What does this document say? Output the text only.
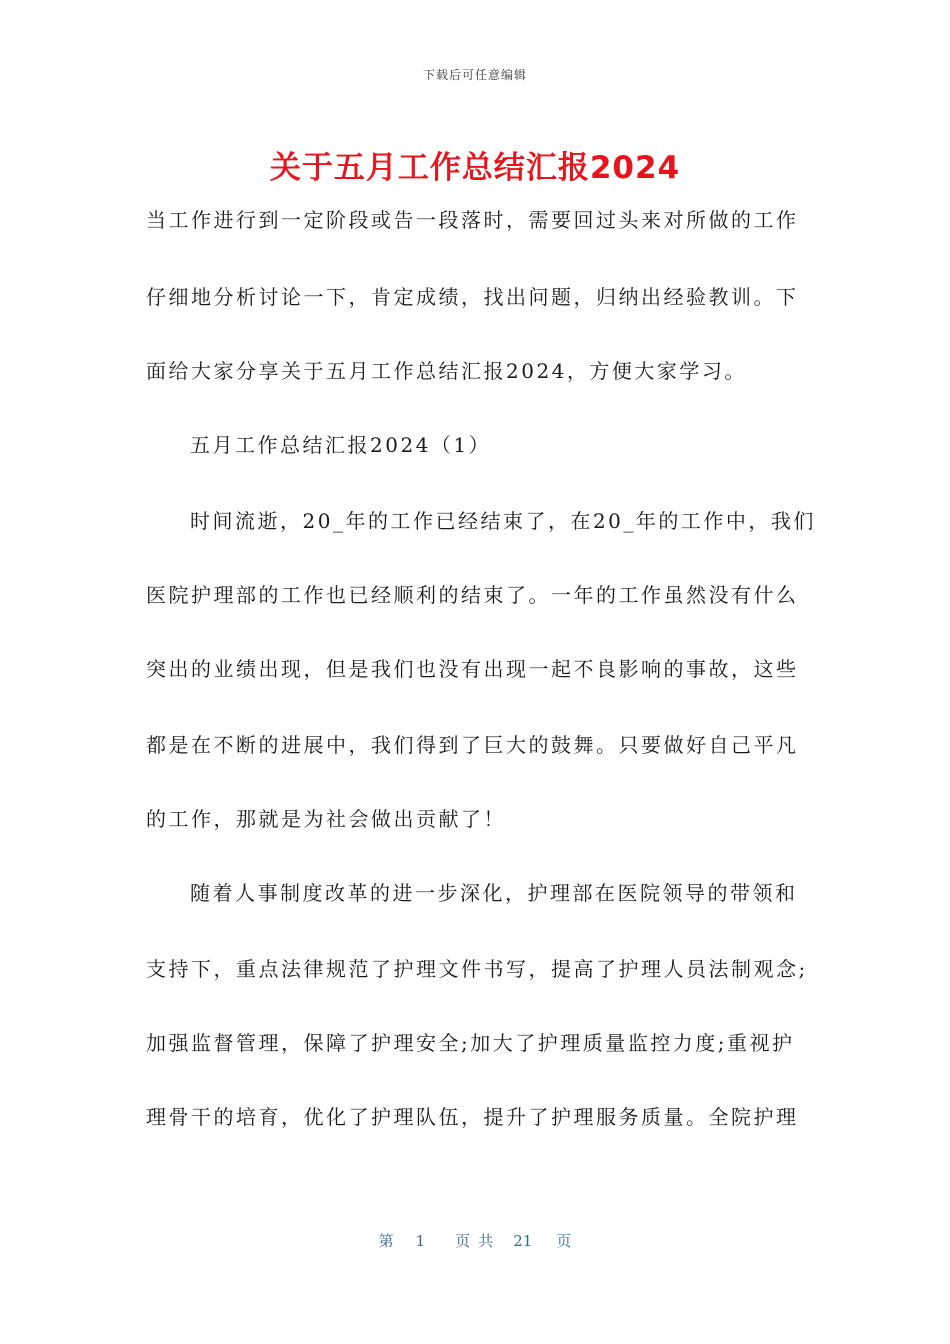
下载后可任意编辑
关于五月工作总结汇报2024
当工作进行到一定阶段或告一段落时，需要回过头来对所做的工作
仔细地分析讨论一下，肯定成绩，找出问题，归纳出经验教训。下
面给大家分享关于五月工作总结汇报2024，方便大家学习。
五月工作总结汇报2024（1）
时间流逝，20_年的工作已经结束了，在20_年的工作中，我们
医院护理部的工作也已经顺利的结束了。一年的工作虽然没有什么
突出的业绩出现，但是我们也没有出现一起不良影响的事故，这些
都是在不断的进展中，我们得到了巨大的鼓舞。只要做好自己平凡
的工作，那就是为社会做出贡献了！
随着人事制度改革的进一步深化，护理部在医院领导的带领和
支持下，重点法律规范了护理文件书写，提高了护理人员法制观念;
加强监督管理，保障了护理安全;加大了护理质量监控力度;重视护
理骨干的培育，优化了护理队伍，提升了护理服务质量。全院护理
第 1 页 共 21 页
